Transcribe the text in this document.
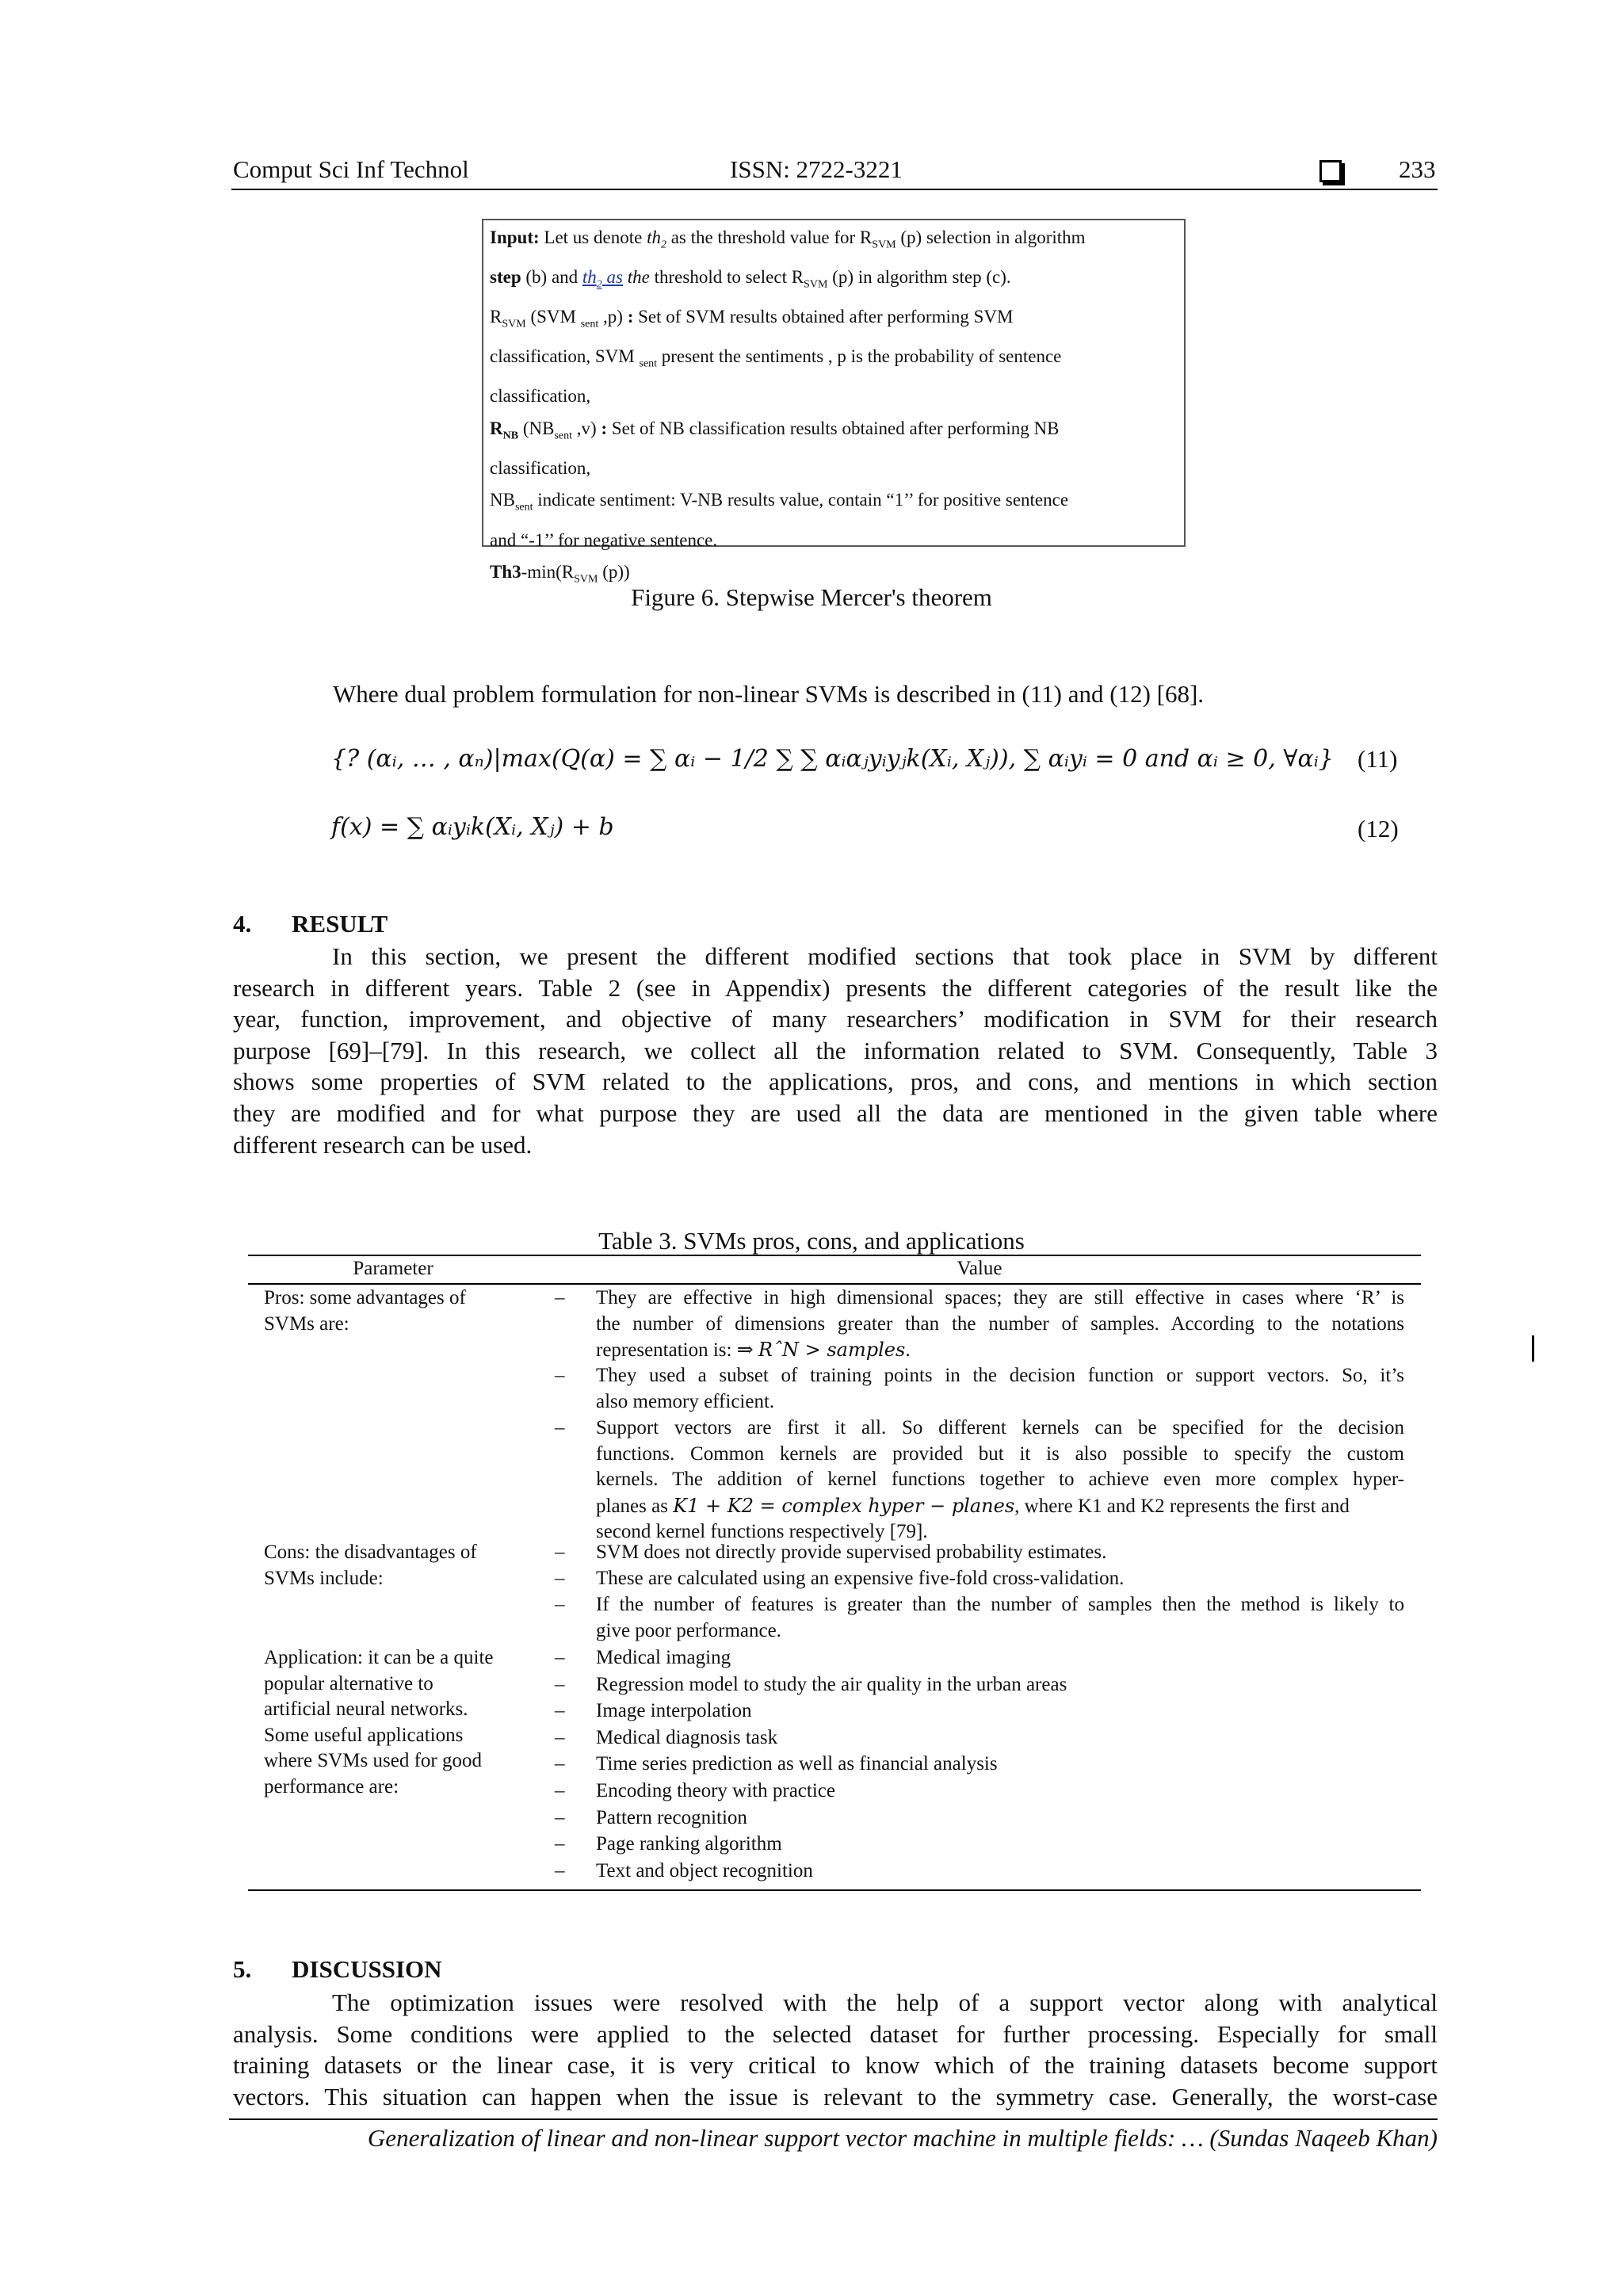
Comput Sci Inf Technol	ISSN: 2722-3221	233
Input: Let us denote $th_2$ as the threshold value for $R_{SVM}$ (p) selection in algorithm
step (b) and $th_2$ as the threshold to select $R_{SVM}$ (p) in algorithm step (c).
$R_{SVM}$ (SVM $_{sent}$ ,p) : Set of SVM results obtained after performing SVM
classification, SVM $_{sent}$ present the sentiments , p is the probability of sentence
classification,
$R_{NB}$ ($NB_{sent}$ ,v) : Set of NB classification results obtained after performing NB
classification,
$NB_{sent}$ indicate sentiment: V-NB results value, contain “1’’ for positive sentence
and “-1’’ for negative sentence.
$Th3-\min(R_{SVM}$ (p))
Figure 6. Stepwise Mercer's theorem
Where dual problem formulation for non-linear SVMs is described in (11) and (12) [68].
{? (αᵢ, … , αₙ)|max(Q(α) = ∑ αᵢ − 1/2 ∑ ∑ αᵢαⱼyᵢyⱼk(Xᵢ, Xⱼ)), ∑ αᵢyᵢ = 0 and αᵢ ≥ 0, ∀αᵢ} (11)
f(x) = ∑ αᵢyᵢk(Xᵢ, Xⱼ) + b	(12)
4. RESULT
In this section, we present the different modified sections that took place in SVM by different
research in different years. Table 2 (see in Appendix) presents the different categories of the result like the
year, function, improvement, and objective of many researchers’ modification in SVM for their research
purpose [69]–[79]. In this research, we collect all the information related to SVM. Consequently, Table 3
shows some properties of SVM related to the applications, pros, and cons, and mentions in which section
they are modified and for what purpose they are used all the data are mentioned in the given table where
different research can be used.
Table 3. SVMs pros, cons, and applications
Parameter	Value
Pros: some advantages of
SVMs are:
– They are effective in high dimensional spaces; they are still effective in cases where ‘R’ is
the number of dimensions greater than the number of samples. According to the notations
representation is: ⇒ RˆN > samples.
– They used a subset of training points in the decision function or support vectors. So, it’s
also memory efficient.
– Support vectors are first it all. So different kernels can be specified for the decision
functions. Common kernels are provided but it is also possible to specify the custom
kernels. The addition of kernel functions together to achieve even more complex hyper-
planes as K1 + K2 = complex hyper − planes, where K1 and K2 represents the first and
second kernel functions respectively [79].
Cons: the disadvantages of
SVMs include:
– SVM does not directly provide supervised probability estimates.
– These are calculated using an expensive five-fold cross-validation.
– If the number of features is greater than the number of samples then the method is likely to
give poor performance.
Application: it can be a quite
popular alternative to
artificial neural networks.
Some useful applications
where SVMs used for good
performance are:
– Medical imaging
– Regression model to study the air quality in the urban areas
– Image interpolation
– Medical diagnosis task
– Time series prediction as well as financial analysis
– Encoding theory with practice
– Pattern recognition
– Page ranking algorithm
– Text and object recognition
5. DISCUSSION
The optimization issues were resolved with the help of a support vector along with analytical
analysis. Some conditions were applied to the selected dataset for further processing. Especially for small
training datasets or the linear case, it is very critical to know which of the training datasets become support
vectors. This situation can happen when the issue is relevant to the symmetry case. Generally, the worst-case
Generalization of linear and non-linear support vector machine in multiple fields: … (Sundas Naqeeb Khan)
